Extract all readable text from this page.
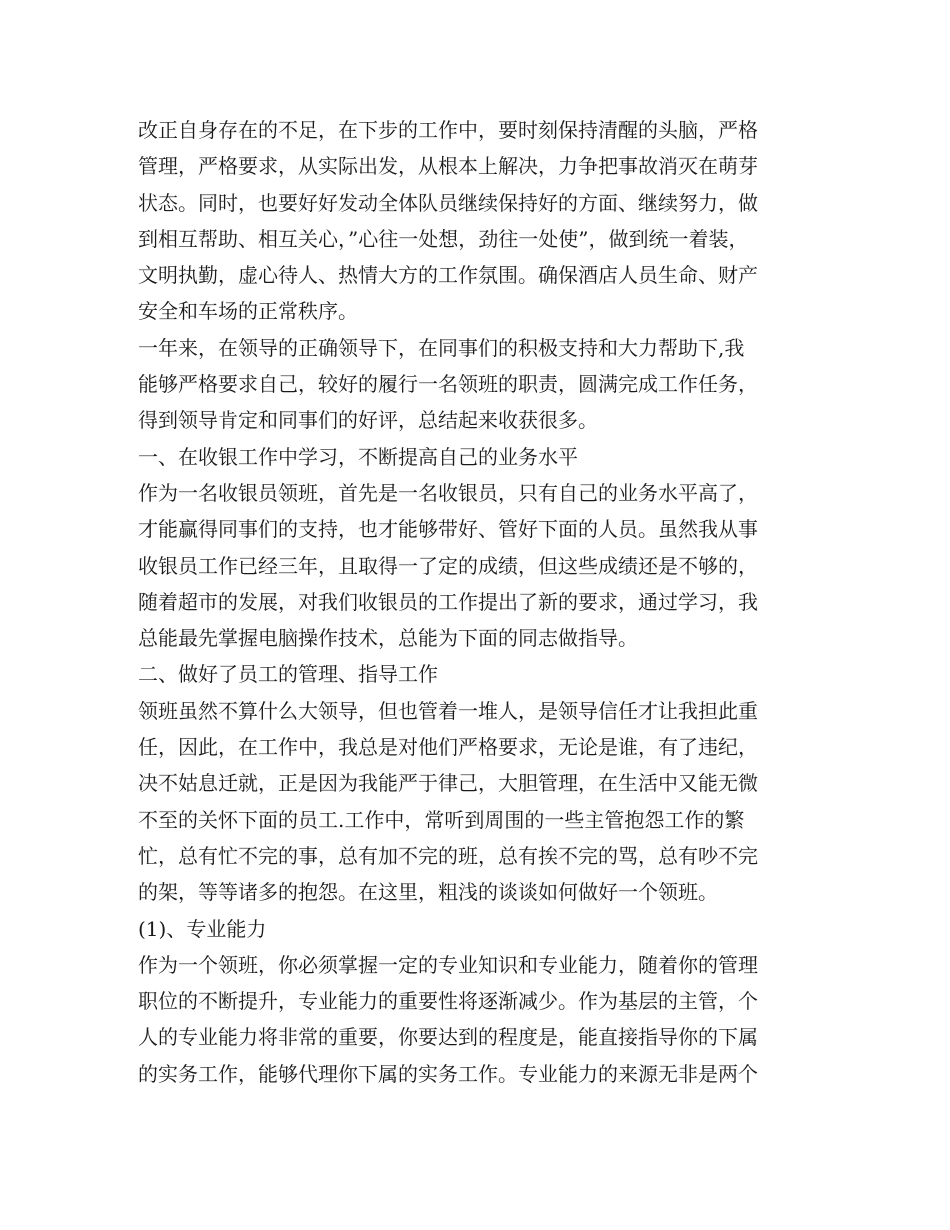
改正自身存在的不足，在下步的工作中，要时刻保持清醒的头脑，严格
管理，严格要求，从实际出发，从根本上解决，力争把事故消灭在萌芽
状态。同时，也要好好发动全体队员继续保持好的方面、继续努力，做
到相互帮助、相互关心，”心往一处想，劲往一处使”，做到统一着装，
文明执勤，虚心待人、热情大方的工作氛围。确保酒店人员生命、财产
安全和车场的正常秩序。
一年来，在领导的正确领导下，在同事们的积极支持和大力帮助下,我
能够严格要求自己，较好的履行一名领班的职责，圆满完成工作任务，
得到领导肯定和同事们的好评，总结起来收获很多。
一、在收银工作中学习，不断提高自己的业务水平
作为一名收银员领班，首先是一名收银员，只有自己的业务水平高了，
才能赢得同事们的支持，也才能够带好、管好下面的人员。虽然我从事
收银员工作已经三年，且取得一了定的成绩，但这些成绩还是不够的，
随着超市的发展，对我们收银员的工作提出了新的要求，通过学习，我
总能最先掌握电脑操作技术，总能为下面的同志做指导。
二、做好了员工的管理、指导工作
领班虽然不算什么大领导，但也管着一堆人，是领导信任才让我担此重
任，因此，在工作中，我总是对他们严格要求，无论是谁，有了违纪，
决不姑息迁就，正是因为我能严于律己，大胆管理，在生活中又能无微
不至的关怀下面的员工.工作中，常听到周围的一些主管抱怨工作的繁
忙，总有忙不完的事，总有加不完的班，总有挨不完的骂，总有吵不完
的架，等等诸多的抱怨。在这里，粗浅的谈谈如何做好一个领班。
(1)、专业能力
作为一个领班，你必须掌握一定的专业知识和专业能力，随着你的管理
职位的不断提升，专业能力的重要性将逐渐减少。作为基层的主管，个
人的专业能力将非常的重要，你要达到的程度是，能直接指导你的下属
的实务工作，能够代理你下属的实务工作。专业能力的来源无非是两个
